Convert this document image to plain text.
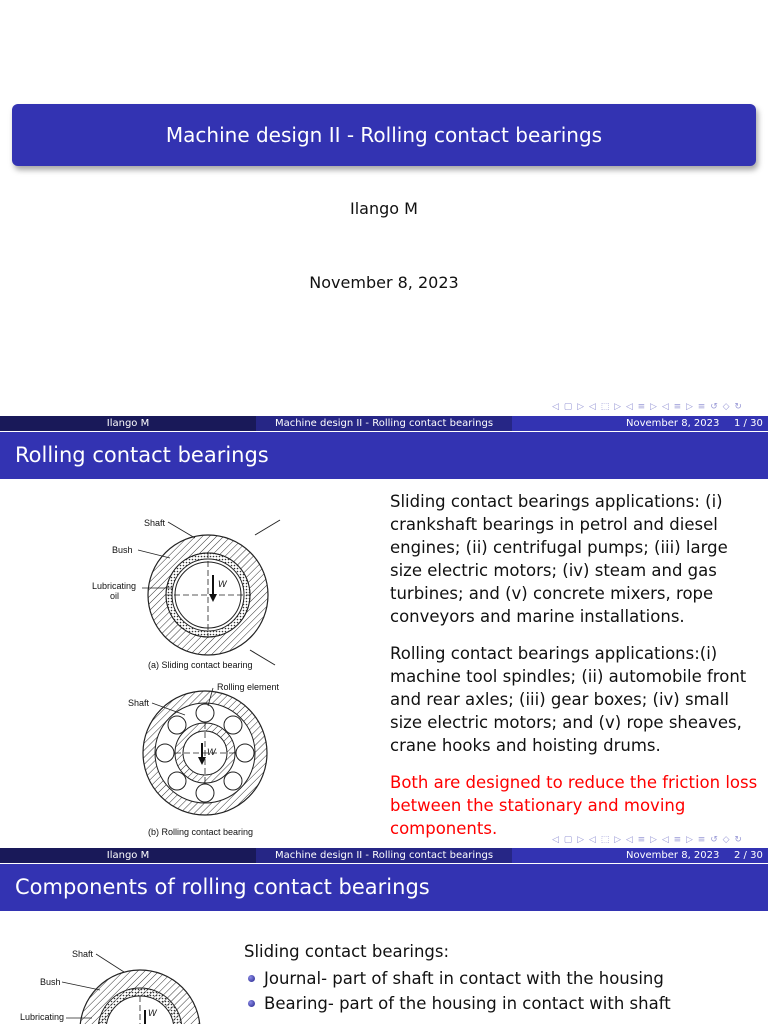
Machine design II - Rolling contact bearings
Ilango M
November 8, 2023
◁ ▢ ▷ ◁ ⬚ ▷ ◁ ≡ ▷ ◁ ≡ ▷ ≡ ↺ ◇ ↻
Ilango M	Machine design II - Rolling contact bearings	November 8, 2023 1 / 30
Rolling contact bearings
Shaft
Bush
Lubricating
oil
W
(a) Sliding contact bearing
Rolling element
Shaft
W
(b) Rolling contact bearing

Sliding contact bearings applications: (i) crankshaft bearings in petrol and diesel engines; (ii) centrifugal pumps; (iii) large size electric motors; (iv) steam and gas turbines; and (v) concrete mixers, rope conveyors and marine installations.

Rolling contact bearings applications:(i) machine tool spindles; (ii) automobile front and rear axles; (iii) gear boxes; (iv) small size electric motors; and (v) rope sheaves, crane hooks and hoisting drums.

Both are designed to reduce the friction loss between the stationary and moving components.

◁ ▢ ▷ ◁ ⬚ ▷ ◁ ≡ ▷ ◁ ≡ ▷ ≡ ↺ ◇ ↻
Ilango M	Machine design II - Rolling contact bearings	November 8, 2023 2 / 30
Components of rolling contact bearings
Shaft
Bush
Lubricating	W
Sliding contact bearings:
Journal- part of shaft in contact with the housing
Bearing- part of the housing in contact with shaft
